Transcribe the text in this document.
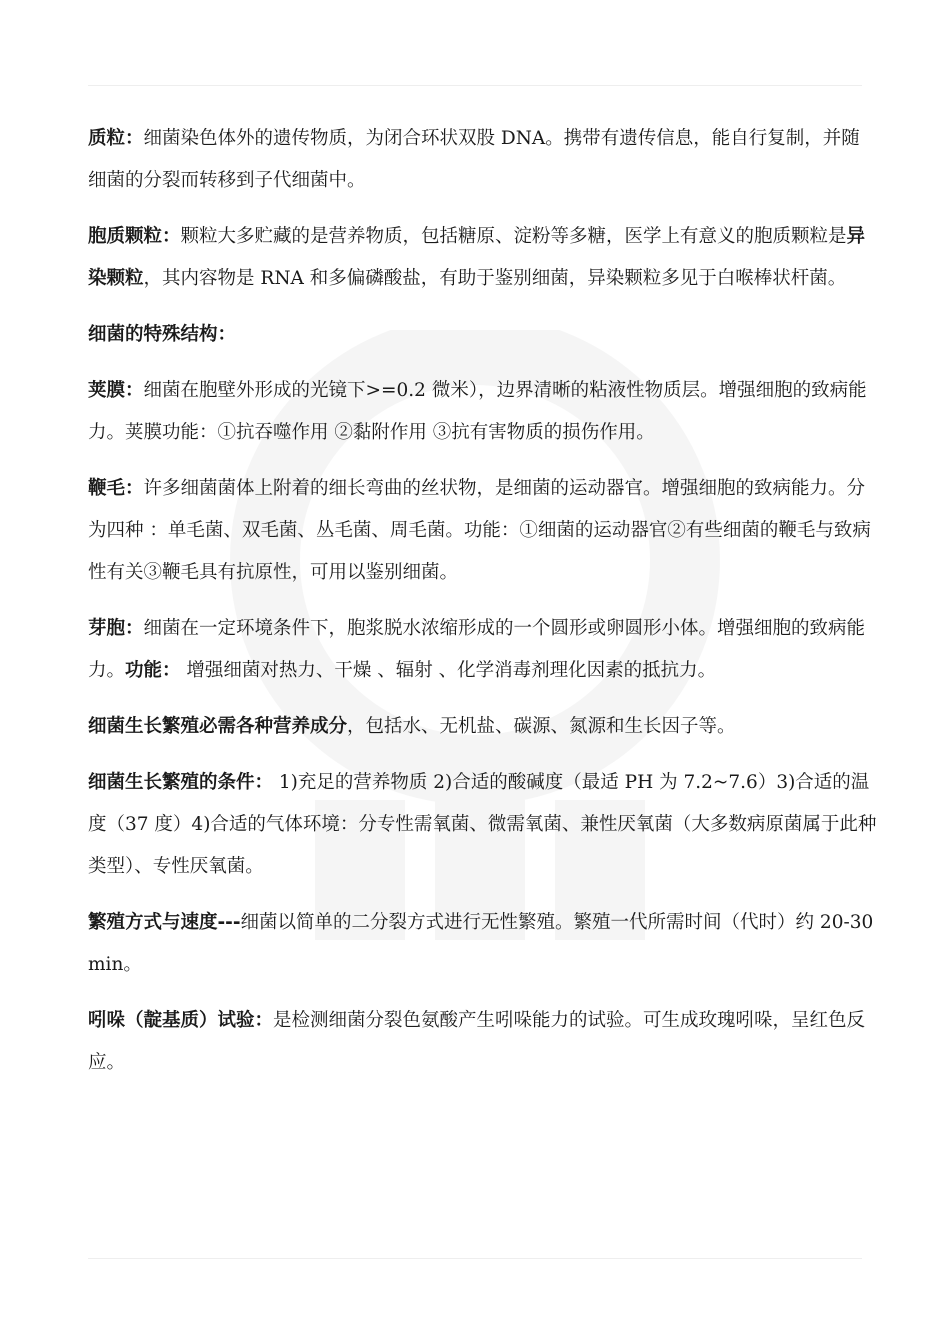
质粒：细菌染色体外的遗传物质，为闭合环状双股 DNA。携带有遗传信息，能自行复制，并随细菌的分裂而转移到子代细菌中。

胞质颗粒：颗粒大多贮藏的是营养物质，包括糖原、淀粉等多糖，医学上有意义的胞质颗粒是异染颗粒，其内容物是 RNA 和多偏磷酸盐，有助于鉴别细菌，异染颗粒多见于白喉棒状杆菌。

细菌的特殊结构：

荚膜：细菌在胞壁外形成的光镜下>=0.2 微米），边界清晰的粘液性物质层。增强细胞的致病能力。荚膜功能：①抗吞噬作用 ②黏附作用 ③抗有害物质的损伤作用。

鞭毛：许多细菌菌体上附着的细长弯曲的丝状物，是细菌的运动器官。增强细胞的致病能力。分为四种 ：单毛菌、双毛菌、丛毛菌、周毛菌。功能：①细菌的运动器官②有些细菌的鞭毛与致病性有关③鞭毛具有抗原性，可用以鉴别细菌。

芽胞：细菌在一定环境条件下，胞浆脱水浓缩形成的一个圆形或卵圆形小体。增强细胞的致病能力。功能： 增强细菌对热力、干燥 、辐射 、化学消毒剂理化因素的抵抗力。

细菌生长繁殖必需各种营养成分，包括水、无机盐、碳源、氮源和生长因子等。

细菌生长繁殖的条件： 1)充足的营养物质 2)合适的酸碱度（最适 PH 为 7.2~7.6）3)合适的温度（37 度）4)合适的气体环境：分专性需氧菌、微需氧菌、兼性厌氧菌（大多数病原菌属于此种类型）、专性厌氧菌。

繁殖方式与速度---细菌以简单的二分裂方式进行无性繁殖。繁殖一代所需时间（代时）约 20-30min。

吲哚（靛基质）试验：是检测细菌分裂色氨酸产生吲哚能力的试验。可生成玫瑰吲哚，呈红色反应。
